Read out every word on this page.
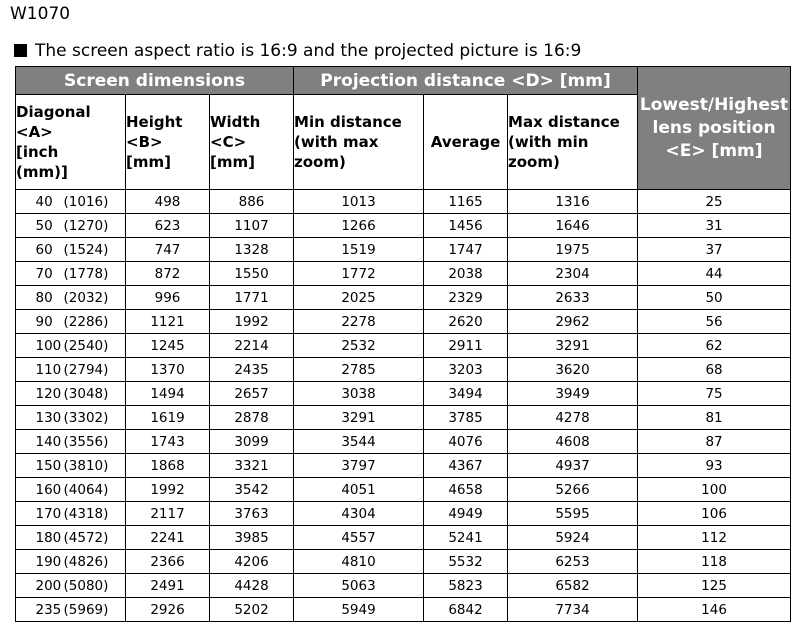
W1070
The screen aspect ratio is 16:9 and the projected picture is 16:9
Screen dimensions			Projection distance <D> [mm]			Lowest/Highest
lens position
<E> [mm]
Diagonal
<A>
[inch
(mm)]	Height
<B>
[mm]	Width
<C>
[mm]	Min distance
(with max
zoom)	Average	Max distance
(with min
zoom)	
40 (1016)	498	886	1013	1165	1316	25
50 (1270)	623	1107	1266	1456	1646	31
60 (1524)	747	1328	1519	1747	1975	37
70 (1778)	872	1550	1772	2038	2304	44
80 (2032)	996	1771	2025	2329	2633	50
90 (2286)	1121	1992	2278	2620	2962	56
100 (2540)	1245	2214	2532	2911	3291	62
110 (2794)	1370	2435	2785	3203	3620	68
120 (3048)	1494	2657	3038	3494	3949	75
130 (3302)	1619	2878	3291	3785	4278	81
140 (3556)	1743	3099	3544	4076	4608	87
150 (3810)	1868	3321	3797	4367	4937	93
160 (4064)	1992	3542	4051	4658	5266	100
170 (4318)	2117	3763	4304	4949	5595	106
180 (4572)	2241	3985	4557	5241	5924	112
190 (4826)	2366	4206	4810	5532	6253	118
200 (5080)	2491	4428	5063	5823	6582	125
235 (5969)	2926	5202	5949	6842	7734	146
